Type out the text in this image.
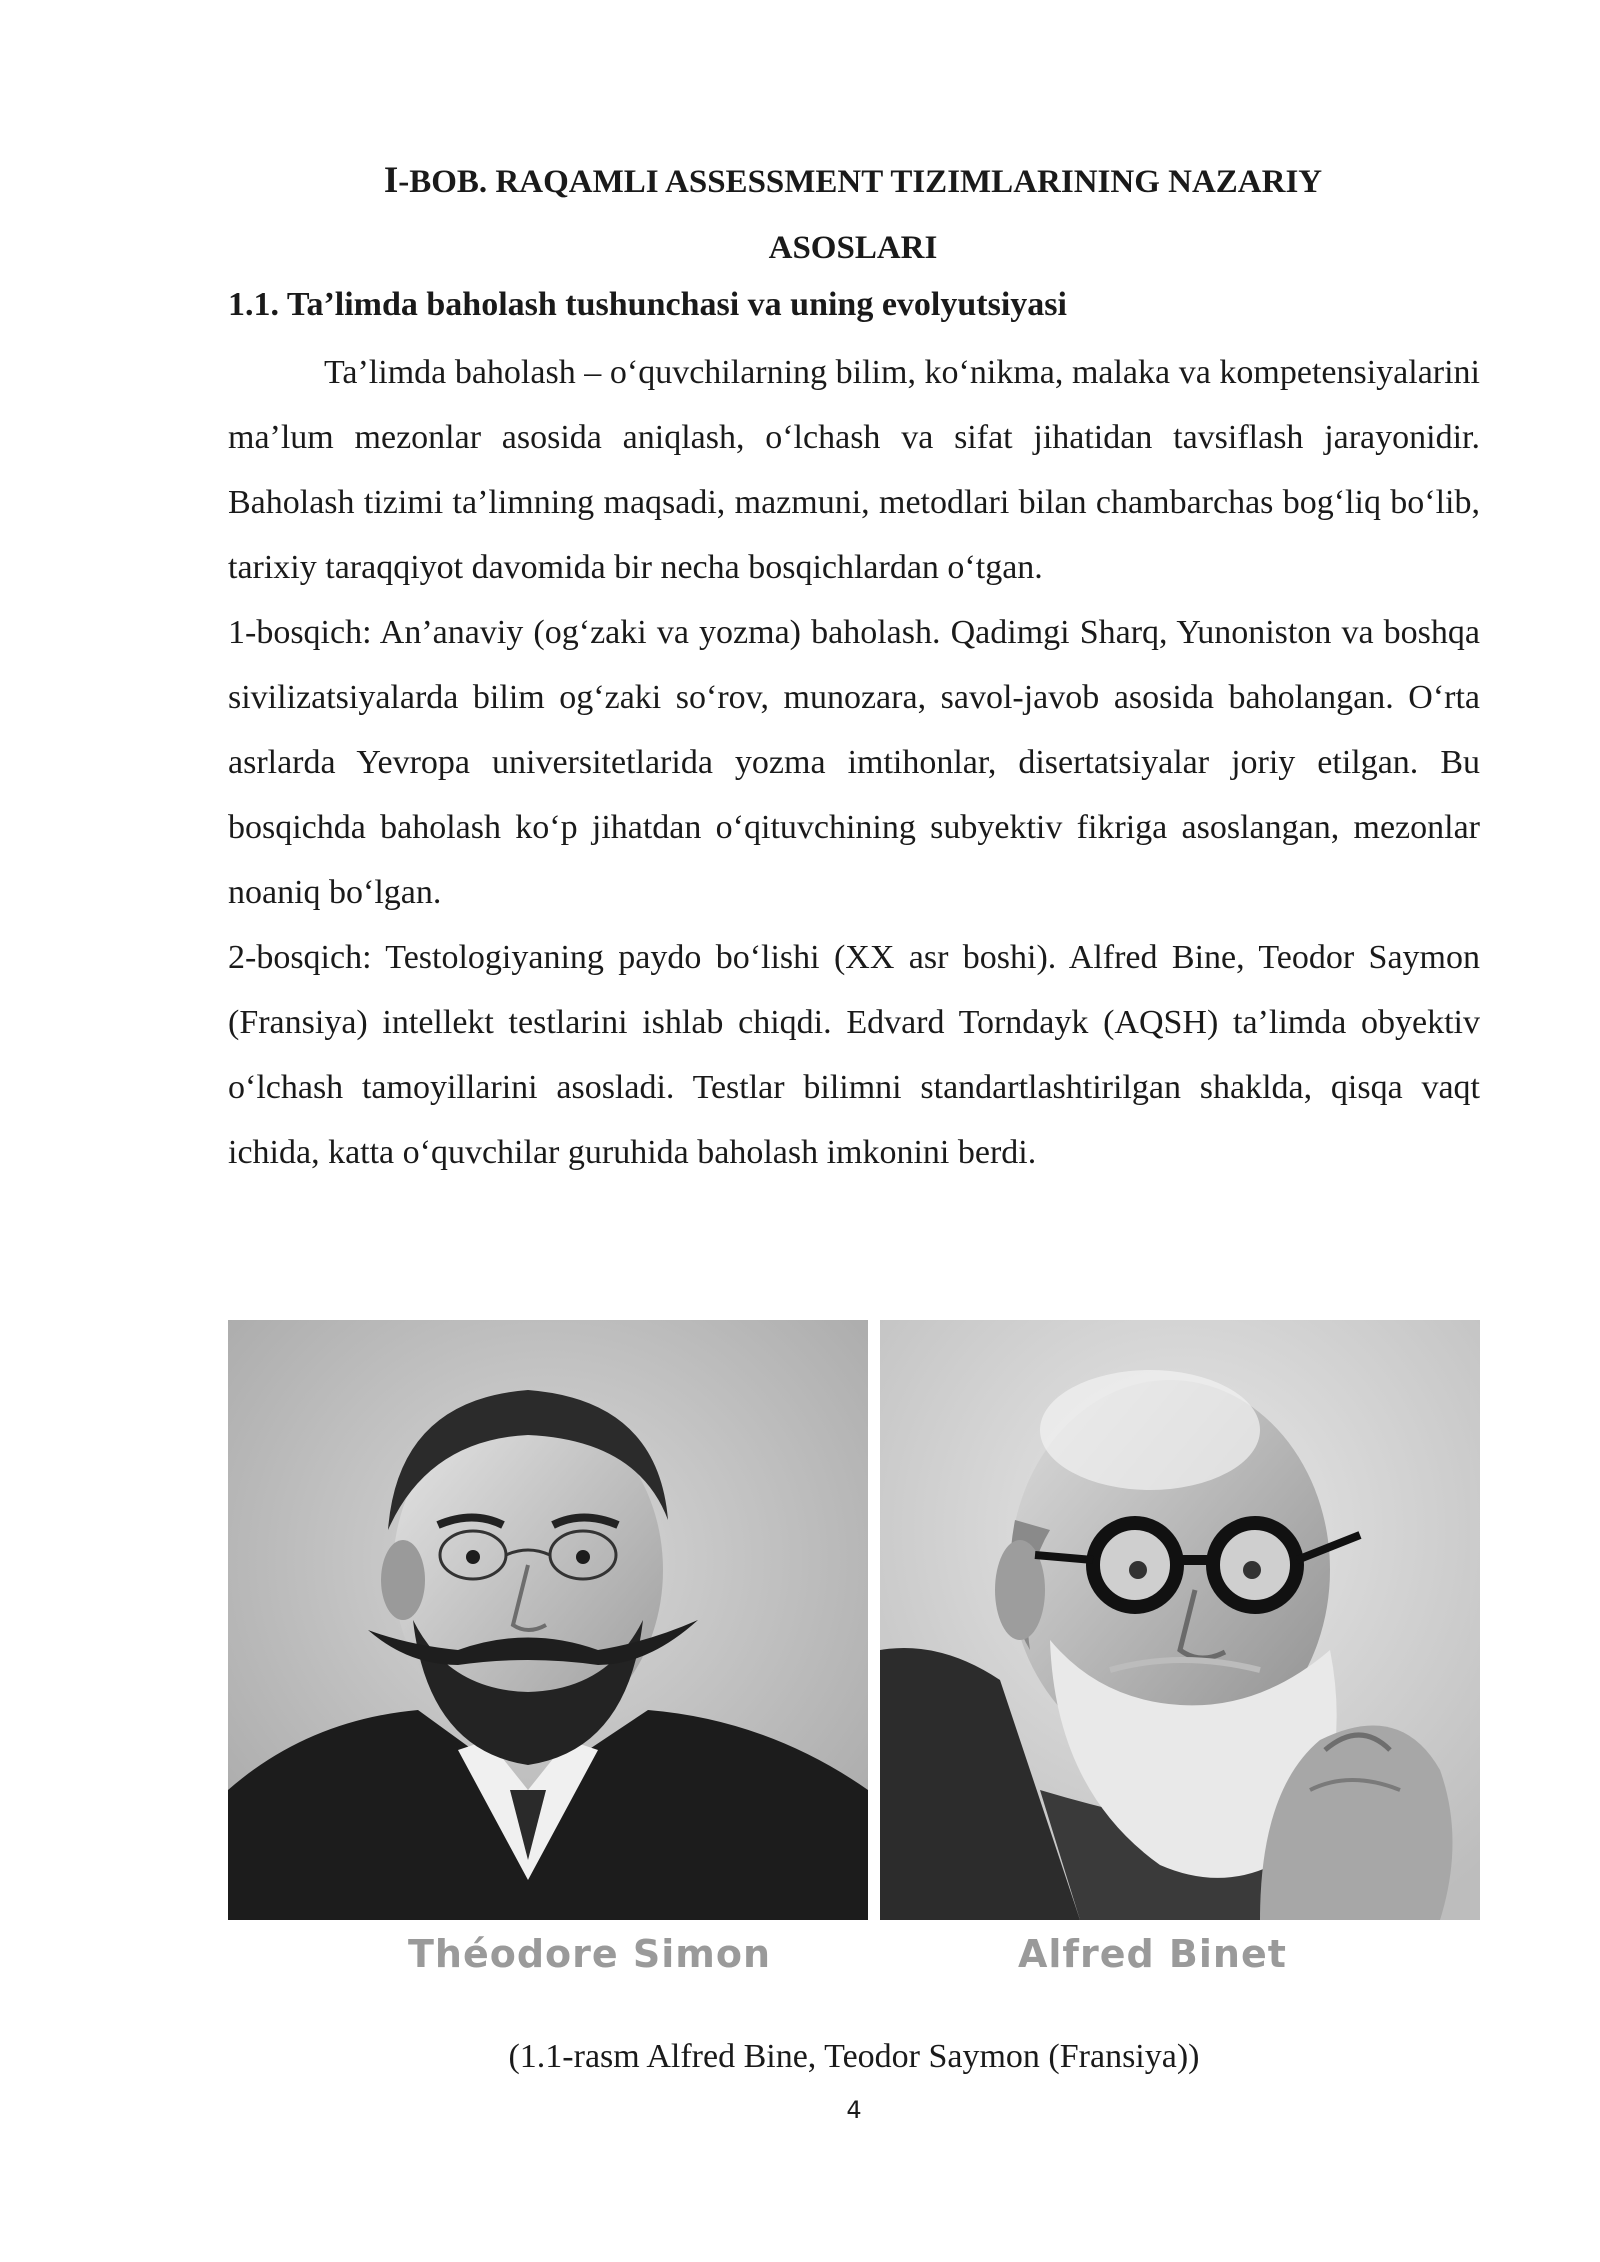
I-BOB. RAQAMLI ASSESSMENT TIZIMLARINING NAZARIY
ASOSLARI
1.1. Ta’limda baholash tushunchasi va uning evolyutsiyasi

Ta’limda baholash – o‘quvchilarning bilim, ko‘nikma, malaka va kompetensiyalarini ma’lum mezonlar asosida aniqlash, o‘lchash va sifat jihatidan tavsiflash jarayonidir. Baholash tizimi ta’limning maqsadi, mazmuni, metodlari bilan chambarchas bog‘liq bo‘lib, tarixiy taraqqiyot davomida bir necha bosqichlardan o‘tgan.

1-bosqich: An’anaviy (og‘zaki va yozma) baholash. Qadimgi Sharq, Yunoniston va boshqa sivilizatsiyalarda bilim og‘zaki so‘rov, munozara, savol-javob asosida baholangan. O‘rta asrlarda Yevropa universitetlarida yozma imtihonlar, disertatsiyalar joriy etilgan. Bu bosqichda baholash ko‘p jihatdan o‘qituvchining subyektiv fikriga asoslangan, mezonlar noaniq bo‘lgan.

2-bosqich: Testologiyaning paydo bo‘lishi (XX asr boshi). Alfred Bine, Teodor Saymon (Fransiya) intellekt testlarini ishlab chiqdi. Edvard Torndayk (AQSH) ta’limda obyektiv o‘lchash tamoyillarini asosladi. Testlar bilimni standartlashtirilgan shaklda, qisqa vaqt ichida, katta o‘quvchilar guruhida baholash imkonini berdi.

Théodore Simon	Alfred Binet
(1.1-rasm Alfred Bine, Teodor Saymon (Fransiya))
4
